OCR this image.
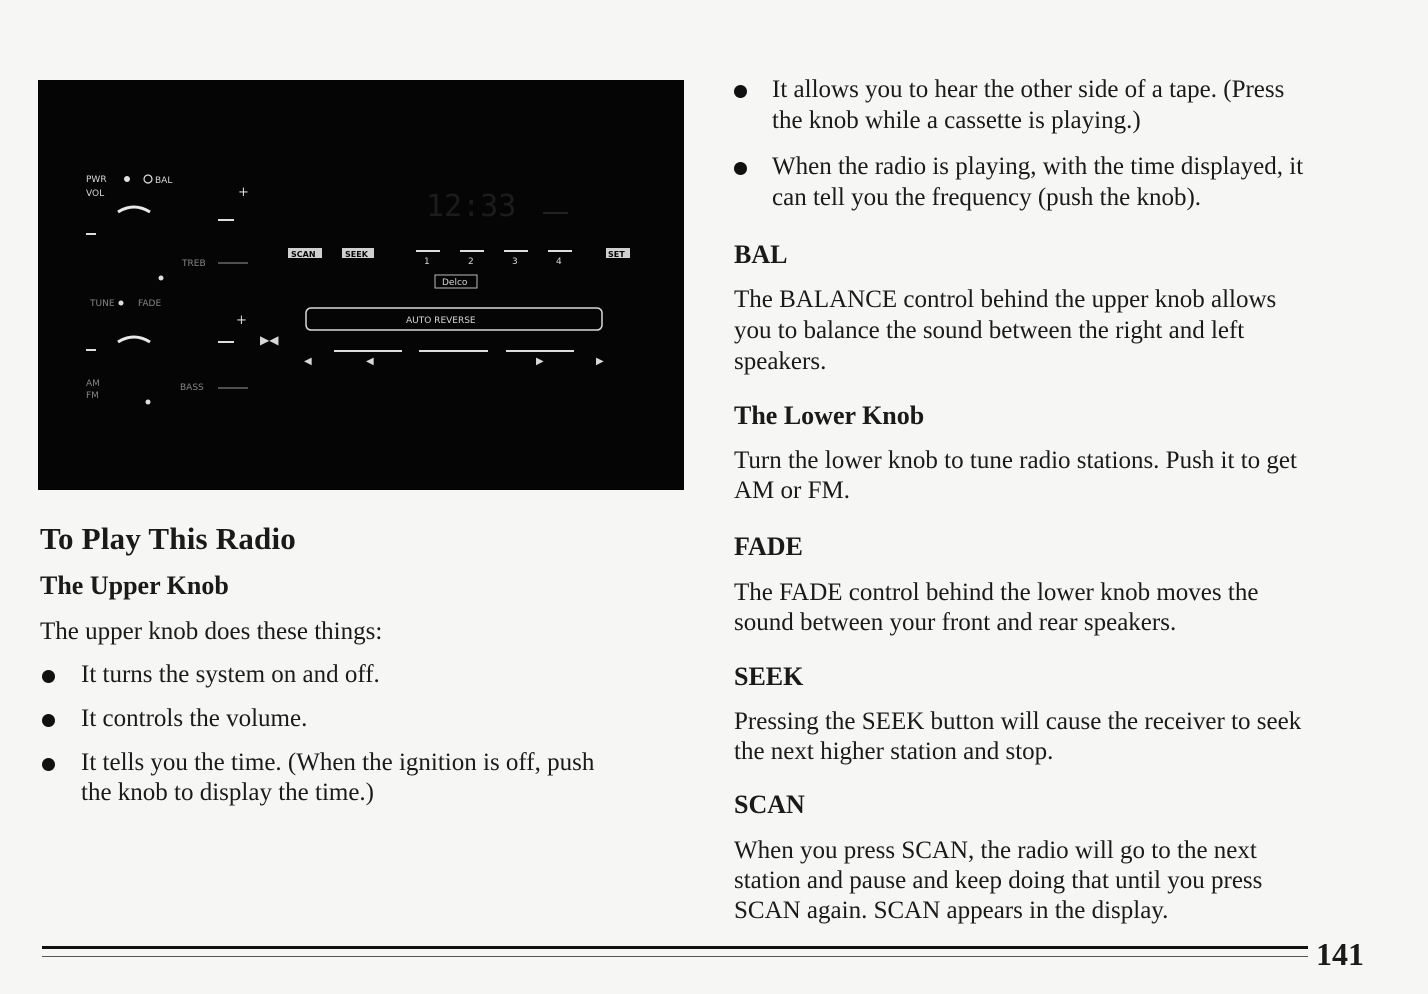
PWR	BAL
VOL	+
TREB
TUNE	FADE
+
AM
FM
BASS
12:33
SCAN	SEEK	SET
Delco
AUTO REVERSE
▶◀
◀	◀	▶	▶
1	2	3	4
To Play This Radio
The Upper Knob

The upper knob does these things:

It turns the system on and off.
It controls the volume.
It tells you the time. (When the ignition is off, push
the knob to display the time.)
It allows you to hear the other side of a tape. (Press
the knob while a cassette is playing.)
When the radio is playing, with the time displayed, it
can tell you the frequency (push the knob).
BAL

The BALANCE control behind the upper knob allows

you to balance the sound between the right and left

speakers.

The Lower Knob

Turn the lower knob to tune radio stations. Push it to get

AM or FM.

FADE

The FADE control behind the lower knob moves the

sound between your front and rear speakers.

SEEK

Pressing the SEEK button will cause the receiver to seek

the next higher station and stop.

SCAN

When you press SCAN, the radio will go to the next

station and pause and keep doing that until you press

SCAN again. SCAN appears in the display.

141
